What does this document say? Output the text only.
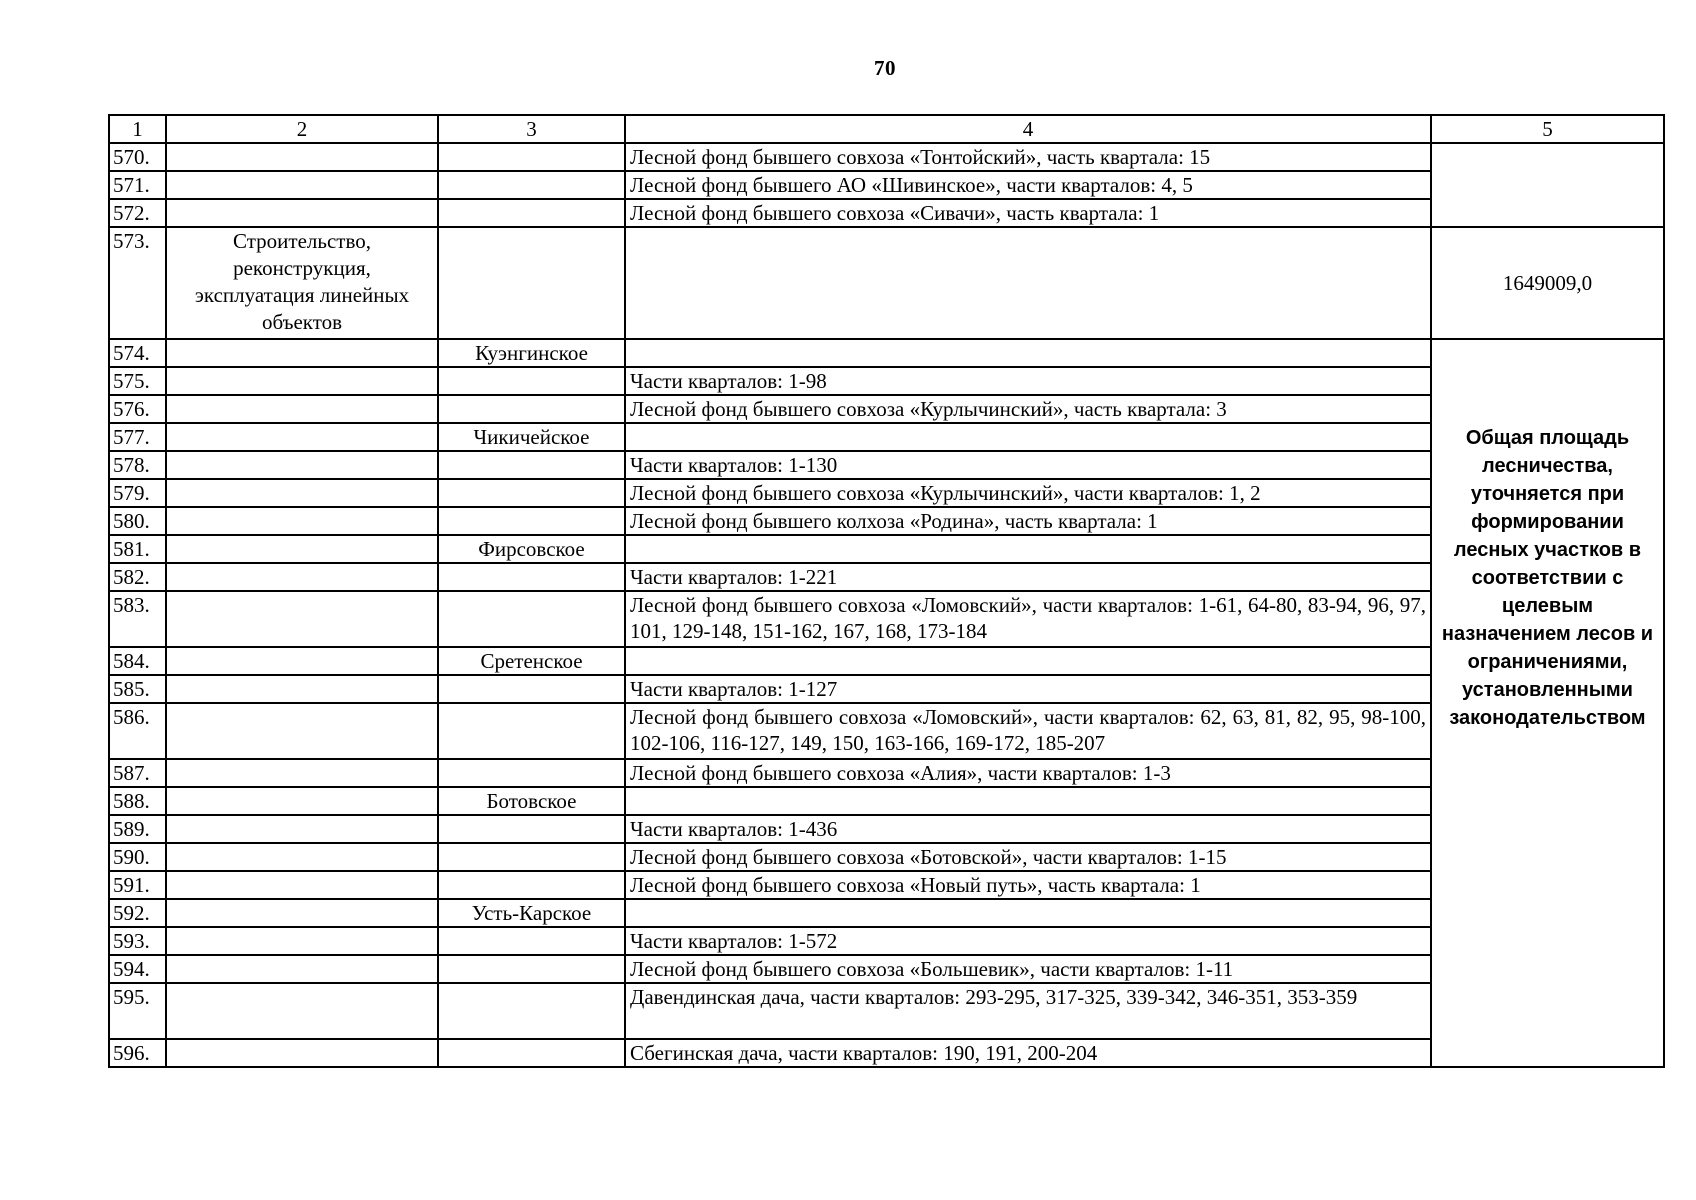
70
1	2	3	4	5
570.			Лесной фонд бывшего совхоза «Тонтойский», часть квартала: 15	
571.			Лесной фонд бывшего АО «Шивинское», части кварталов: 4, 5	
572.			Лесной фонд бывшего совхоза «Сивачи», часть квартала: 1	
573.	Строительство, реконструкция, эксплуатация линейных объектов			1649009,0
574.		Куэнгинское		Общая площадь лесничества, уточняется при формировании лесных участков в соответствии с целевым назначением лесов и ограничениями, установленными законодательством

575.			Части кварталов: 1-98	
576.			Лесной фонд бывшего совхоза «Курлычинский», часть квартала: 3	
577.		Чикичейское		
578.			Части кварталов: 1-130	
579.			Лесной фонд бывшего совхоза «Курлычинский», части кварталов: 1, 2	
580.			Лесной фонд бывшего колхоза «Родина», часть квартала: 1	
581.		Фирсовское		
582.			Части кварталов: 1-221	
583.			Лесной фонд бывшего совхоза «Ломовский», части кварталов: 1-61, 64-80, 83-94, 96, 97, 101, 129-148, 151-162, 167, 168, 173-184	
584.		Сретенское		
585.			Части кварталов: 1-127	
586.			Лесной фонд бывшего совхоза «Ломовский», части кварталов: 62, 63, 81, 82, 95, 98-100, 102-106, 116-127, 149, 150, 163-166, 169-172, 185-207	
587.			Лесной фонд бывшего совхоза «Алия», части кварталов: 1-3	
588.		Ботовское		
589.			Части кварталов: 1-436	
590.			Лесной фонд бывшего совхоза «Ботовской», части кварталов: 1-15	
591.			Лесной фонд бывшего совхоза «Новый путь», часть квартала: 1	
592.		Усть-Карское		
593.			Части кварталов: 1-572	
594.			Лесной фонд бывшего совхоза «Большевик», части кварталов: 1-11	
595.			Давендинская дача, части кварталов: 293-295, 317-325, 339-342, 346-351, 353-359	
596.			Сбегинская дача, части кварталов: 190, 191, 200-204	
